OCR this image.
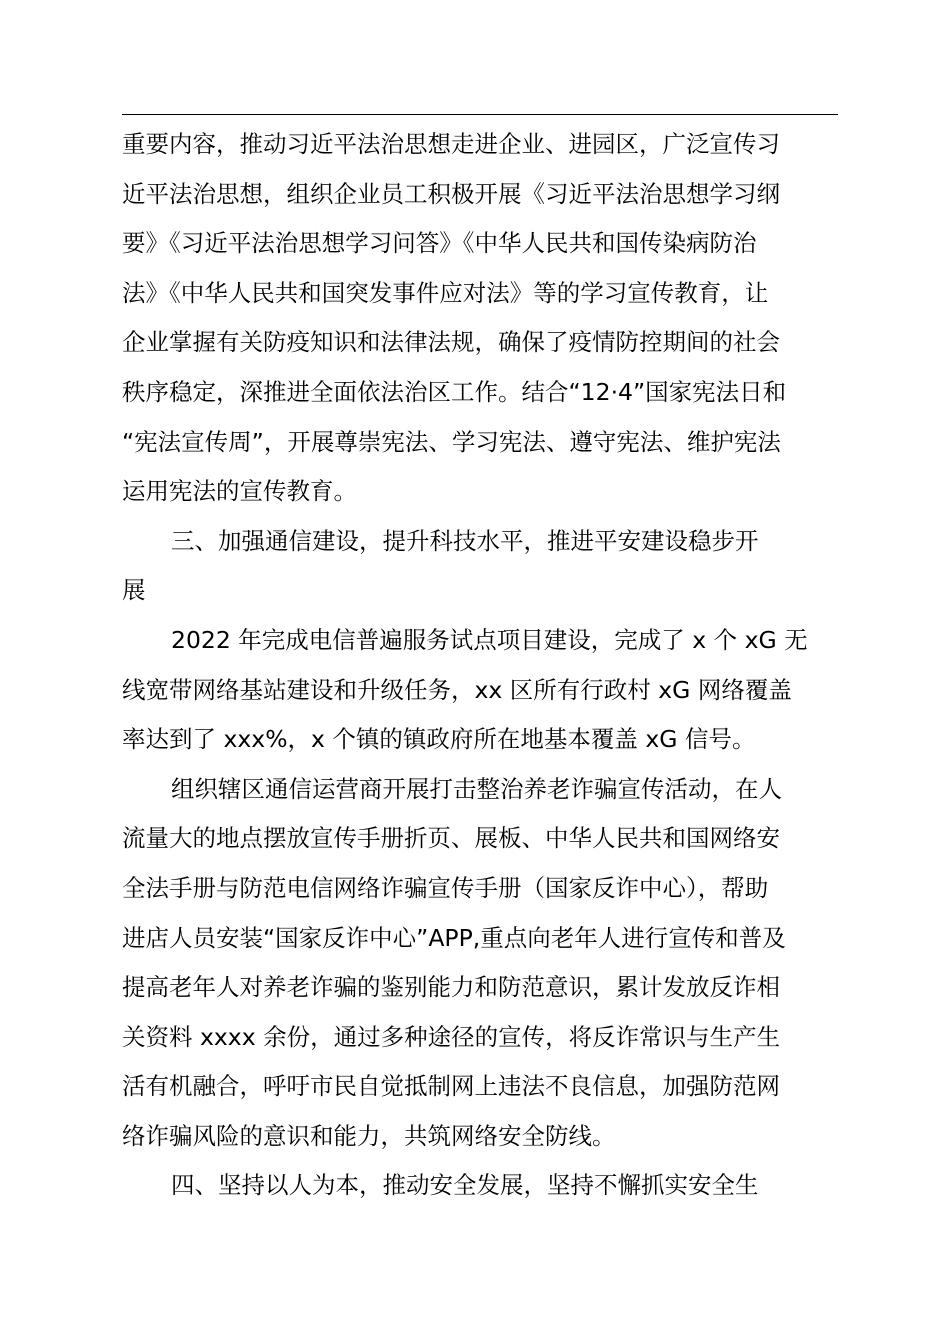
重要内容，推动习近平法治思想走进企业、进园区，广泛宣传习
近平法治思想，组织企业员工积极开展《习近平法治思想学习纲
要》《习近平法治思想学习问答》《中华人民共和国传染病防治
法》《中华人民共和国突发事件应对法》等的学习宣传教育，让
企业掌握有关防疫知识和法律法规，确保了疫情防控期间的社会
秩序稳定，深推进全面依法治区工作。结合“12·4”国家宪法日和
“宪法宣传周”，开展尊崇宪法、学习宪法、遵守宪法、维护宪法
运用宪法的宣传教育。
三、加强通信建设，提升科技水平，推进平安建设稳步开
展
2022 年完成电信普遍服务试点项目建设，完成了 x 个 xG 无
线宽带网络基站建设和升级任务，xx 区所有行政村 xG 网络覆盖
率达到了 xxx%，x 个镇的镇政府所在地基本覆盖 xG 信号。
组织辖区通信运营商开展打击整治养老诈骗宣传活动，在人
流量大的地点摆放宣传手册折页、展板、中华人民共和国网络安
全法手册与防范电信网络诈骗宣传手册（国家反诈中心），帮助
进店人员安装“国家反诈中心”APP,重点向老年人进行宣传和普及
提高老年人对养老诈骗的鉴别能力和防范意识，累计发放反诈相
关资料 xxxx 余份，通过多种途径的宣传，将反诈常识与生产生
活有机融合，呼吁市民自觉抵制网上违法不良信息，加强防范网
络诈骗风险的意识和能力，共筑网络安全防线。
四、坚持以人为本，推动安全发展，坚持不懈抓实安全生
